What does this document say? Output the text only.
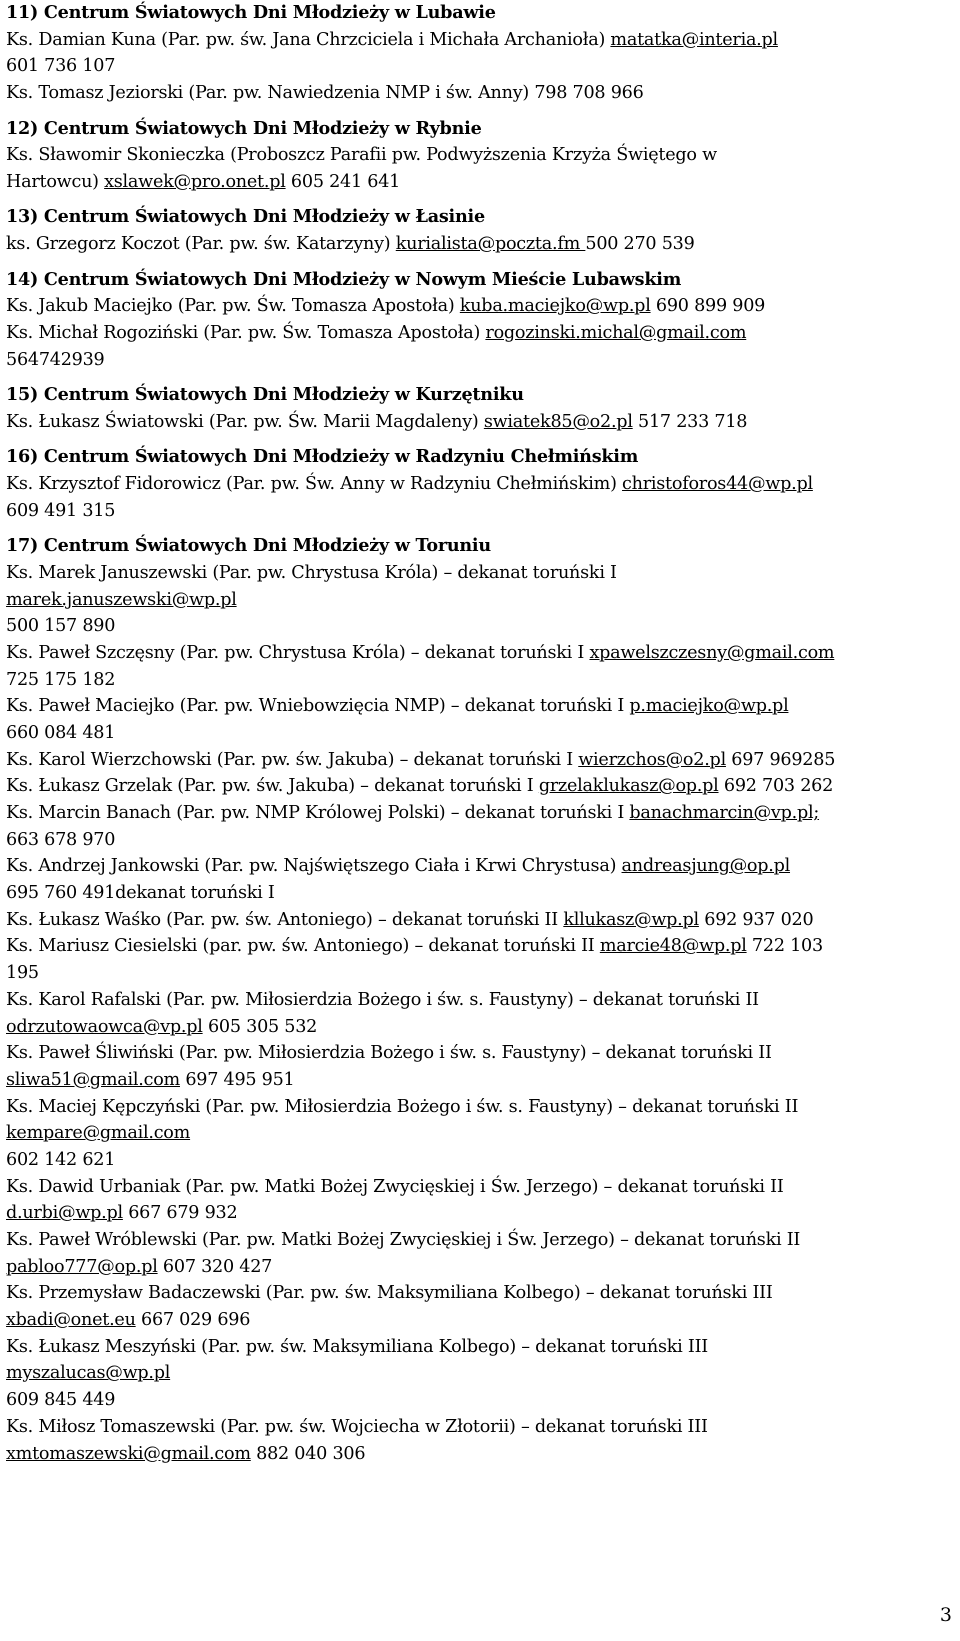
11) Centrum Światowych Dni Młodzieży w Lubawie
Ks. Damian Kuna (Par. pw. św. Jana Chrzciciela i Michała Archanioła) matatka@interia.pl
601 736 107
Ks. Tomasz Jeziorski (Par. pw. Nawiedzenia NMP i św. Anny) 798 708 966
12) Centrum Światowych Dni Młodzieży w Rybnie
Ks. Sławomir Skonieczka (Proboszcz Parafii pw. Podwyższenia Krzyża Świętego w
Hartowcu) xslawek@pro.onet.pl 605 241 641
13) Centrum Światowych Dni Młodzieży w Łasinie
ks. Grzegorz Koczot (Par. pw. św. Katarzyny) kurialista@poczta.fm 500 270 539
14) Centrum Światowych Dni Młodzieży w Nowym Mieście Lubawskim
Ks. Jakub Maciejko (Par. pw. Św. Tomasza Apostoła) kuba.maciejko@wp.pl 690 899 909
Ks. Michał Rogoziński (Par. pw. Św. Tomasza Apostoła) rogozinski.michal@gmail.com
564742939
15) Centrum Światowych Dni Młodzieży w Kurzętniku
Ks. Łukasz Światowski (Par. pw. Św. Marii Magdaleny) swiatek85@o2.pl 517 233 718
16) Centrum Światowych Dni Młodzieży w Radzyniu Chełmińskim
Ks. Krzysztof Fidorowicz (Par. pw. Św. Anny w Radzyniu Chełmińskim) christoforos44@wp.pl
609 491 315
17) Centrum Światowych Dni Młodzieży w Toruniu
Ks. Marek Januszewski (Par. pw. Chrystusa Króla) – dekanat toruński I
marek.januszewski@wp.pl
500 157 890
Ks. Paweł Szczęsny (Par. pw. Chrystusa Króla) – dekanat toruński I xpawelszczesny@gmail.com
725 175 182
Ks. Paweł Maciejko (Par. pw. Wniebowzięcia NMP) – dekanat toruński I p.maciejko@wp.pl
660 084 481
Ks. Karol Wierzchowski (Par. pw. św. Jakuba) – dekanat toruński I wierzchos@o2.pl 697 969285
Ks. Łukasz Grzelak (Par. pw. św. Jakuba) – dekanat toruński I grzelaklukasz@op.pl 692 703 262
Ks. Marcin Banach (Par. pw. NMP Królowej Polski) – dekanat toruński I banachmarcin@vp.pl;
663 678 970
Ks. Andrzej Jankowski (Par. pw. Najświętszego Ciała i Krwi Chrystusa) andreasjung@op.pl
695 760 491dekanat toruński I
Ks. Łukasz Waśko (Par. pw. św. Antoniego) – dekanat toruński II kllukasz@wp.pl 692 937 020
Ks. Mariusz Ciesielski (par. pw. św. Antoniego) – dekanat toruński II marcie48@wp.pl 722 103
195
Ks. Karol Rafalski (Par. pw. Miłosierdzia Bożego i św. s. Faustyny) – dekanat toruński II
odrzutowaowca@vp.pl 605 305 532
Ks. Paweł Śliwiński (Par. pw. Miłosierdzia Bożego i św. s. Faustyny) – dekanat toruński II
sliwa51@gmail.com 697 495 951
Ks. Maciej Kępczyński (Par. pw. Miłosierdzia Bożego i św. s. Faustyny) – dekanat toruński II
kempare@gmail.com
602 142 621
Ks. Dawid Urbaniak (Par. pw. Matki Bożej Zwycięskiej i Św. Jerzego) – dekanat toruński II
d.urbi@wp.pl 667 679 932
Ks. Paweł Wróblewski (Par. pw. Matki Bożej Zwycięskiej i Św. Jerzego) – dekanat toruński II
pabloo777@op.pl 607 320 427
Ks. Przemysław Badaczewski (Par. pw. św. Maksymiliana Kolbego) – dekanat toruński III
xbadi@onet.eu 667 029 696
Ks. Łukasz Meszyński (Par. pw. św. Maksymiliana Kolbego) – dekanat toruński III
myszalucas@wp.pl
609 845 449
Ks. Miłosz Tomaszewski (Par. pw. św. Wojciecha w Złotorii) – dekanat toruński III
xmtomaszewski@gmail.com 882 040 306
3
